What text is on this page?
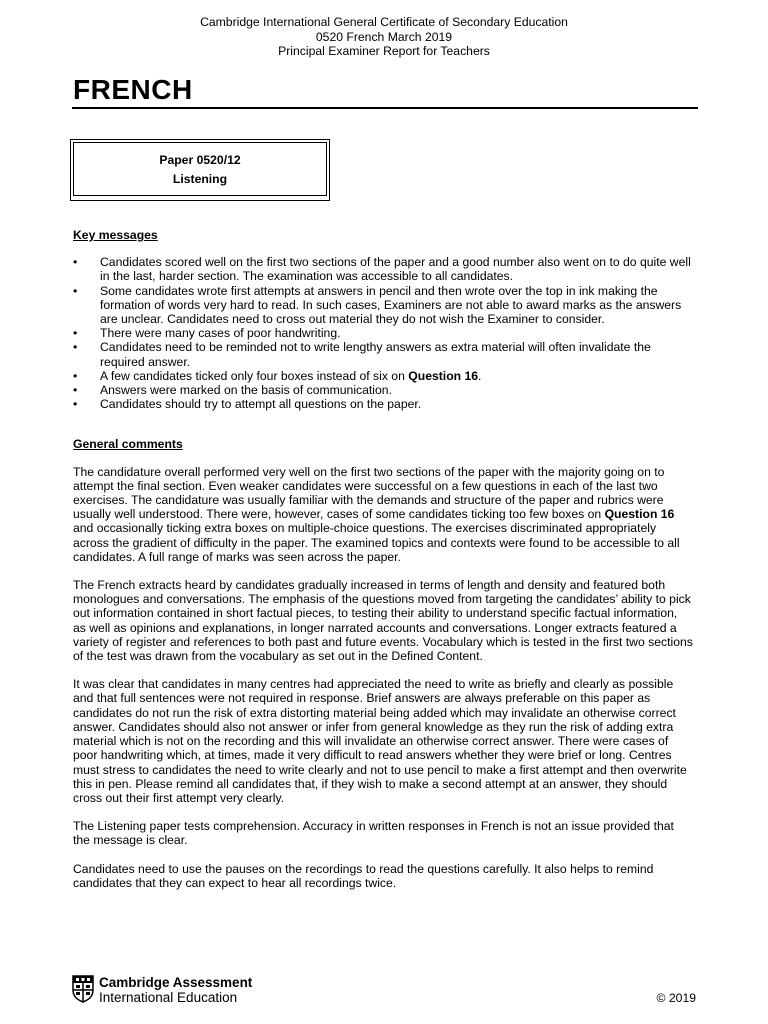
Cambridge International General Certificate of Secondary Education
0520 French March 2019
Principal Examiner Report for Teachers
FRENCH
Paper 0520/12
Listening
Key messages
•	Candidates scored well on the first two sections of the paper and a good number also went on to do quite well in the last, harder section. The examination was accessible to all candidates.
•	Some candidates wrote first attempts at answers in pencil and then wrote over the top in ink making the formation of words very hard to read. In such cases, Examiners are not able to award marks as the answers are unclear. Candidates need to cross out material they do not wish the Examiner to consider.
•	There were many cases of poor handwriting.
•	Candidates need to be reminded not to write lengthy answers as extra material will often invalidate the required answer.
•	A few candidates ticked only four boxes instead of six on Question 16.
•	Answers were marked on the basis of communication.
•	Candidates should try to attempt all questions on the paper.
General comments

The candidature overall performed very well on the first two sections of the paper with the majority going on to attempt the final section. Even weaker candidates were successful on a few questions in each of the last two exercises. The candidature was usually familiar with the demands and structure of the paper and rubrics were usually well understood. There were, however, cases of some candidates ticking too few boxes on Question 16 and occasionally ticking extra boxes on multiple-choice questions. The exercises discriminated appropriately across the gradient of difficulty in the paper. The examined topics and contexts were found to be accessible to all candidates. A full range of marks was seen across the paper.

The French extracts heard by candidates gradually increased in terms of length and density and featured both monologues and conversations. The emphasis of the questions moved from targeting the candidates’ ability to pick out information contained in short factual pieces, to testing their ability to understand specific factual information, as well as opinions and explanations, in longer narrated accounts and conversations. Longer extracts featured a variety of register and references to both past and future events. Vocabulary which is tested in the first two sections of the test was drawn from the vocabulary as set out in the Defined Content.

It was clear that candidates in many centres had appreciated the need to write as briefly and clearly as possible and that full sentences were not required in response. Brief answers are always preferable on this paper as candidates do not run the risk of extra distorting material being added which may invalidate an otherwise correct answer. Candidates should also not answer or infer from general knowledge as they run the risk of adding extra material which is not on the recording and this will invalidate an otherwise correct answer. There were cases of poor handwriting which, at times, made it very difficult to read answers whether they were brief or long. Centres must stress to candidates the need to write clearly and not to use pencil to make a first attempt and then overwrite this in pen. Please remind all candidates that, if they wish to make a second attempt at an answer, they should cross out their first attempt very clearly.

The Listening paper tests comprehension. Accuracy in written responses in French is not an issue provided that the message is clear.

Candidates need to use the pauses on the recordings to read the questions carefully. It also helps to remind candidates that they can expect to hear all recordings twice.

Cambridge Assessment
International Education	© 2019
